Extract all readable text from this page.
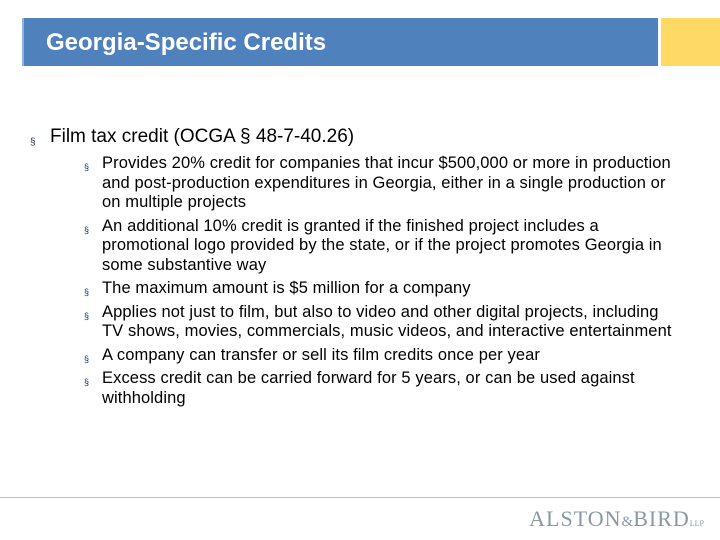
Georgia-Specific Credits
§ Film tax credit (OCGA § 48-7-40.26)
§ Provides 20% credit for companies that incur $500,000 or more in production and post-production expenditures in Georgia, either in a single production or on multiple projects
§ An additional 10% credit is granted if the finished project includes a promotional logo provided by the state, or if the project promotes Georgia in some substantive way
§ The maximum amount is $5 million for a company
§ Applies not just to film, but also to video and other digital projects, including TV shows, movies, commercials, music videos, and interactive entertainment
§ A company can transfer or sell its film credits once per year
§ Excess credit can be carried forward for 5 years, or can be used against withholding
ALSTON&BIRDLLP
